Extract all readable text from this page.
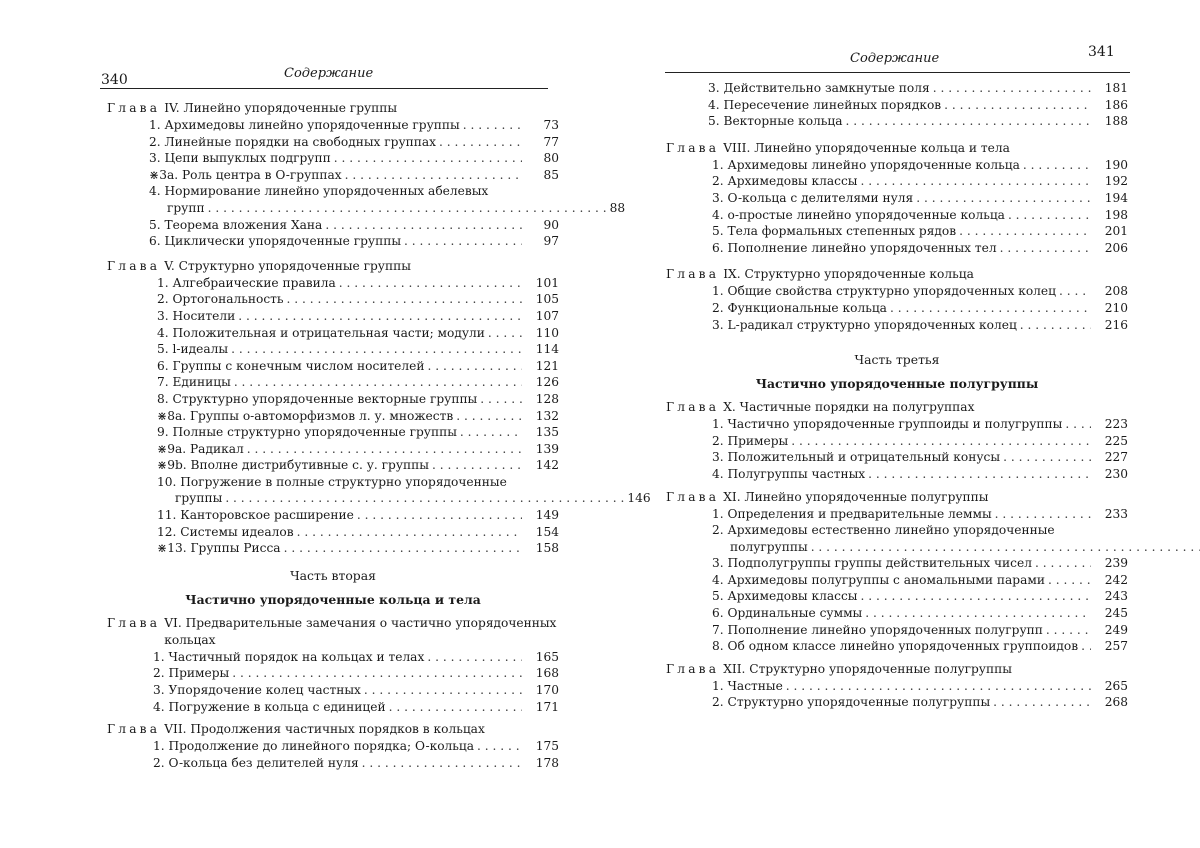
340	Содержание
Глава IV. Линейно упорядоченные группы
1. Архимедовы линейно упорядоченные группы
. . .	73
2. Линейные порядки на свободных группах
. . .	77
3. Цепи выпуклых подгрупп
. . .	80
⋇3а. Роль центра в O-группах
. . .	85
4. Нормирование линейно упорядоченных абелевых
групп
. . .	88
5. Теорема вложения Хана
. . .	90
6. Циклически упорядоченные группы
. . .	97
Глава V. Структурно упорядоченные группы
1. Алгебраические правила
. . .	101
2. Ортогональность
. . .	105
3. Носители
. . .	107
4. Положительная и отрицательная части; модули
. . .	110
5. l-идеалы
. . .	114
6. Группы с конечным числом носителей
. . .	121
7. Единицы
. . .	126
8. Структурно упорядоченные векторные группы
. . .	128
⋇8а. Группы o-автоморфизмов л. у. множеств
. . .	132
9. Полные структурно упорядоченные группы
. . .	135
⋇9а. Радикал
. . .	139
⋇9b. Вполне дистрибутивные с. у. группы
. . .	142
10. Погружение в полные структурно упорядоченные
группы
. . .	146
11. Канторовское расширение
. . .	149
12. Системы идеалов
. . .	154
⋇13. Группы Рисса
. . .	158
Часть вторая
Частично упорядоченные кольца и тела
Глава VI. Предварительные замечания о частично упорядоченных кольцах
1. Частичный порядок на кольцах и телах
. . .	165
2. Примеры
. . .	168
3. Упорядочение колец частных
. . .	170
4. Погружение в кольца с единицей
. . .	171
Глава VII. Продолжения частичных порядков в кольцах
1. Продолжение до линейного порядка; O-кольца
. . .	175
2. O-кольца без делителей нуля
. . .	178
Содержание	341
3. Действительно замкнутые поля
. . .	181
4. Пересечение линейных порядков
. . .	186
5. Векторные кольца
. . .	188
Глава VIII. Линейно упорядоченные кольца и тела
1. Архимедовы линейно упорядоченные кольца
. . .	190
2. Архимедовы классы
. . .	192
3. O-кольца с делителями нуля
. . .	194
4. o-простые линейно упорядоченные кольца
. . .	198
5. Тела формальных степенных рядов
. . .	201
6. Пополнение линейно упорядоченных тел
. . .	206
Глава IX. Структурно упорядоченные кольца
1. Общие свойства структурно упорядоченных колец
. . .	208
2. Функциональные кольца
. . .	210
3. L-радикал структурно упорядоченных колец
. . .	216
Часть третья
Частично упорядоченные полугруппы
Глава X. Частичные порядки на полугруппах
1. Частично упорядоченные группоиды и полугруппы
. . .	223
2. Примеры
. . .	225
3. Положительный и отрицательный конусы
. . .	227
4. Полугруппы частных
. . .	230
Глава XI. Линейно упорядоченные полугруппы
1. Определения и предварительные леммы
. . .	233
2. Архимедовы естественно линейно упорядоченные
полугруппы
. . .
3. Подполугруппы группы действительных чисел
. . .	239
4. Архимедовы полугруппы с аномальными парами
. . .	242
5. Архимедовы классы
. . .	243
6. Ординальные суммы
. . .	245
7. Пополнение линейно упорядоченных полугрупп
. . .	249
8. Об одном классе линейно упорядоченных группоидов
. . .	257
Глава XII. Структурно упорядоченные полугруппы
1. Частные
. . .	265
2. Структурно упорядоченные полугруппы
. . .	268
